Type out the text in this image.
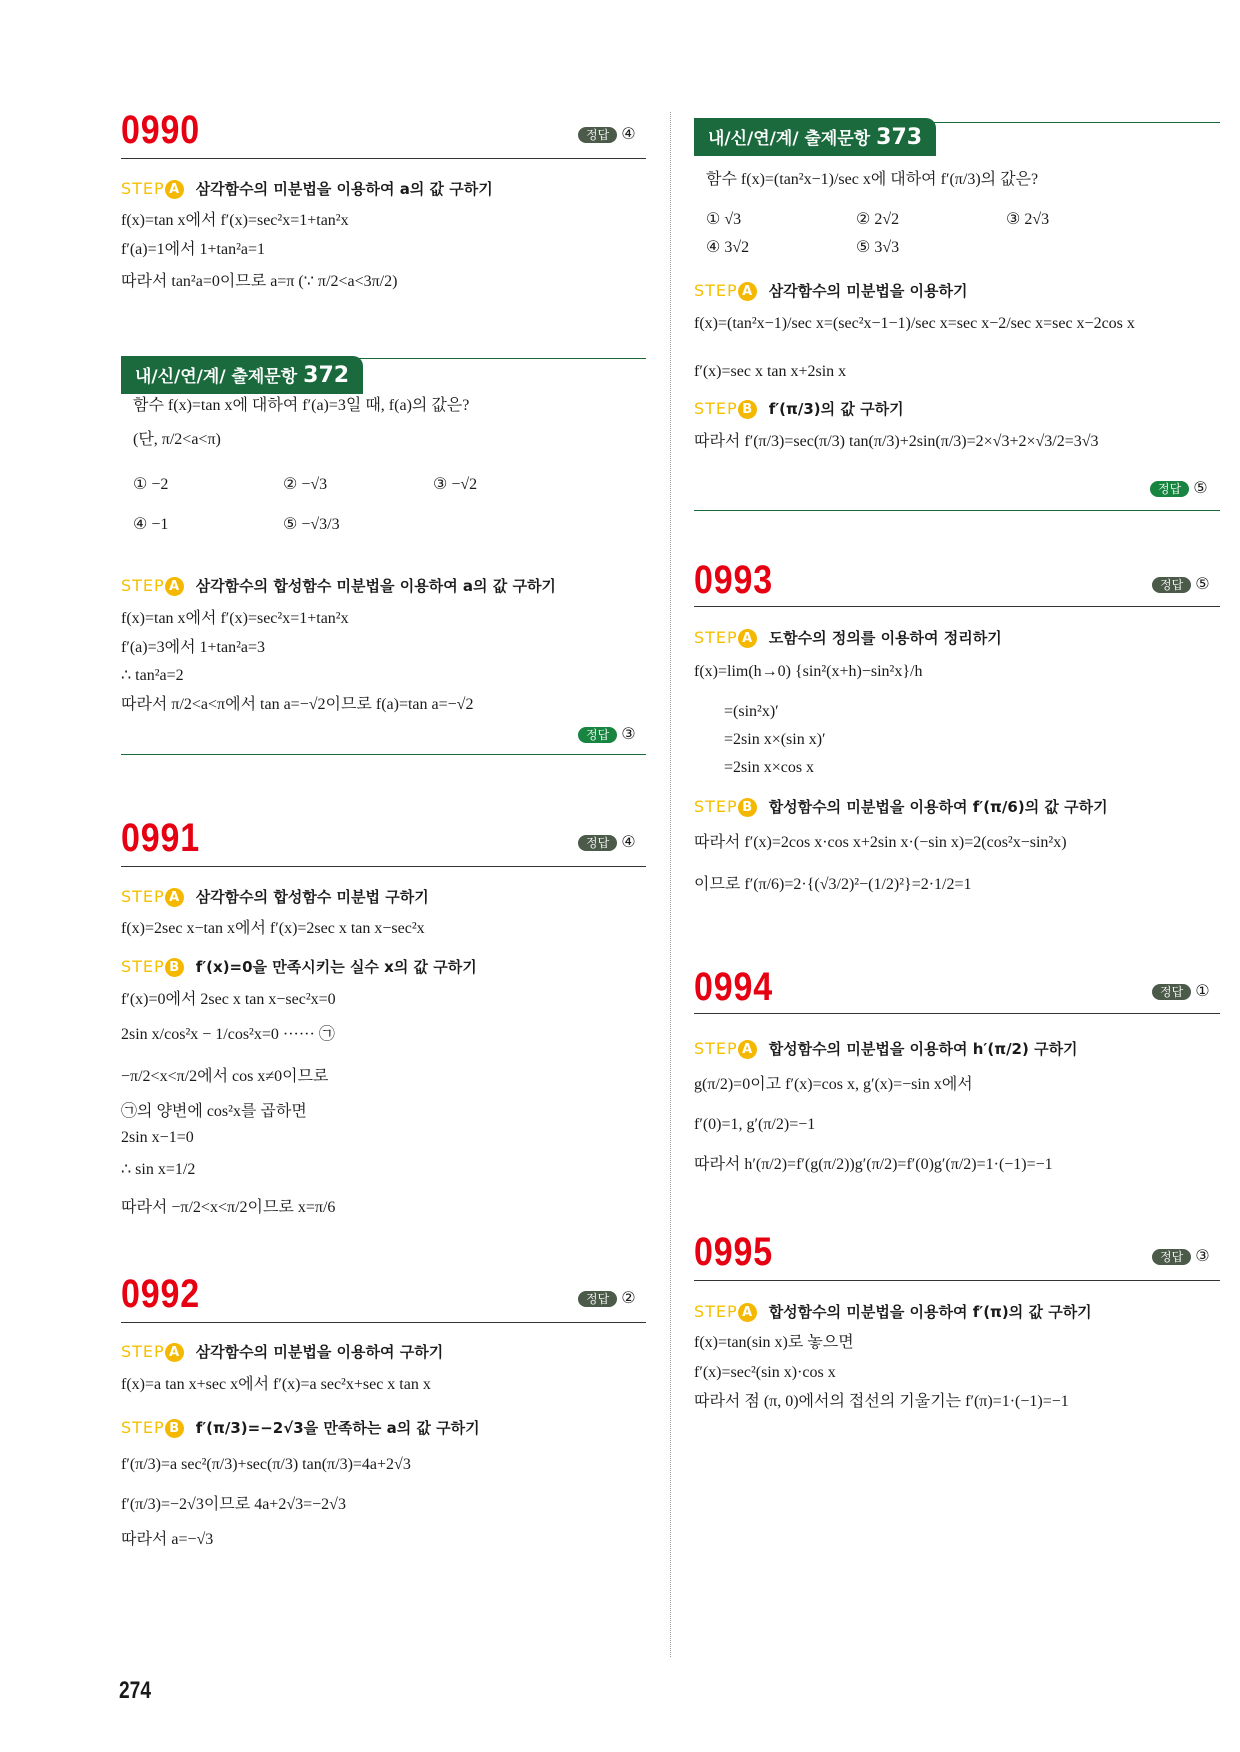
0990	정답 ④
STEP A 삼각함수의 미분법을 이용하여 a의 값 구하기
f(x)=tan x에서 f′(x)=sec²x=1+tan²x
f′(a)=1에서 1+tan²a=1
따라서 tan²a=0이므로 a=π (∵ π/2<a<3π/2)
내/신/연/계/ 출제문항 372
함수 f(x)=tan x에 대하여 f′(a)=3일 때, f(a)의 값은?
(단, π/2<a<π)
① −2	② −√3	③ −√2
④ −1	⑤ −√3/3
STEP A 삼각함수의 합성함수 미분법을 이용하여 a의 값 구하기
f(x)=tan x에서 f′(x)=sec²x=1+tan²x
f′(a)=3에서 1+tan²a=3
∴ tan²a=2
따라서 π/2<a<π에서 tan a=−√2이므로 f(a)=tan a=−√2
정답 ③
0991	정답 ④
STEP A 삼각함수의 합성함수 미분법 구하기
f(x)=2sec x−tan x에서 f′(x)=2sec x tan x−sec²x
STEP B f′(x)=0을 만족시키는 실수 x의 값 구하기
f′(x)=0에서 2sec x tan x−sec²x=0
2sin x/cos²x − 1/cos²x=0 ······ ㉠
−π/2<x<π/2에서 cos x≠0이므로
㉠의 양변에 cos²x를 곱하면
2sin x−1=0
∴ sin x=1/2
따라서 −π/2<x<π/2이므로 x=π/6
0992	정답 ②
STEP A 삼각함수의 미분법을 이용하여 구하기
f(x)=a tan x+sec x에서 f′(x)=a sec²x+sec x tan x
STEP B f′(π/3)=−2√3을 만족하는 a의 값 구하기
f′(π/3)=a sec²(π/3)+sec(π/3) tan(π/3)=4a+2√3
f′(π/3)=−2√3이므로 4a+2√3=−2√3
따라서 a=−√3
274
내/신/연/계/ 출제문항 373
함수 f(x)=(tan²x−1)/sec x에 대하여 f′(π/3)의 값은?
① √3	② 2√2	③ 2√3
④ 3√2	⑤ 3√3
STEP A 삼각함수의 미분법을 이용하기
f(x)=(tan²x−1)/sec x=(sec²x−1−1)/sec x=sec x−2/sec x=sec x−2cos x
f′(x)=sec x tan x+2sin x
STEP B f′(π/3)의 값 구하기
따라서 f′(π/3)=sec(π/3) tan(π/3)+2sin(π/3)=2×√3+2×√3/2=3√3
정답 ⑤
0993	정답 ⑤
STEP A 도함수의 정의를 이용하여 정리하기
f(x)=lim(h→0) {sin²(x+h)−sin²x}/h
=(sin²x)′
=2sin x×(sin x)′
=2sin x×cos x
STEP B 합성함수의 미분법을 이용하여 f′(π/6)의 값 구하기
따라서 f′(x)=2cos x·cos x+2sin x·(−sin x)=2(cos²x−sin²x)
이므로 f′(π/6)=2·{(√3/2)²−(1/2)²}=2·1/2=1
0994	정답 ①
STEP A 합성함수의 미분법을 이용하여 h′(π/2) 구하기
g(π/2)=0이고 f′(x)=cos x, g′(x)=−sin x에서
f′(0)=1, g′(π/2)=−1
따라서 h′(π/2)=f′(g(π/2))g′(π/2)=f′(0)g′(π/2)=1·(−1)=−1
0995	정답 ③
STEP A 합성함수의 미분법을 이용하여 f′(π)의 값 구하기
f(x)=tan(sin x)로 놓으면
f′(x)=sec²(sin x)·cos x
따라서 점 (π, 0)에서의 접선의 기울기는 f′(π)=1·(−1)=−1
